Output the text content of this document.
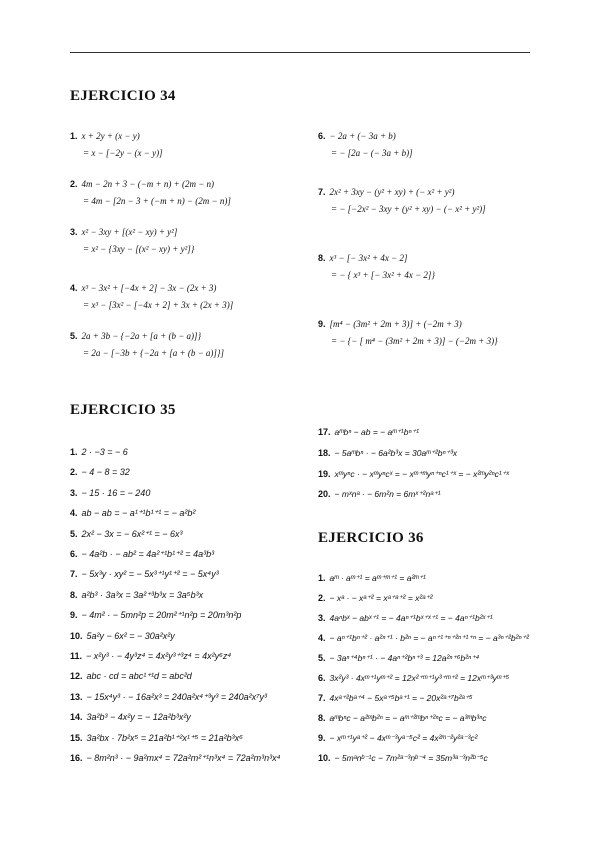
EJERCICIO 34
1. x + 2y + (x − y)
= x − [−2y − (x − y)]
2. 4m − 2n + 3 − (−m + n) + (2m − n)
= 4m − [2n − 3 + (−m + n) − (2m − n)]
3. x² − 3xy + [(x² − xy) + y²]
= x² − {3xy − [(x² − xy) + y²]}
4. x³ − 3x² + [−4x + 2] − 3x − (2x + 3)
= x³ − [3x² − [−4x + 2] + 3x + (2x + 3)]
5. 2a + 3b − {−2a + [a + (b − a)]}
= 2a − [−3b + {−2a + [a + (b − a)]}]
6. − 2a + (− 3a + b)
= − [2a − (− 3a + b)]
7. 2x² + 3xy − (y² + xy) + (− x² + y²)
= − [−2x² − 3xy + (y² + xy) − (− x² + y²)]
8. x³ − [− 3x² + 4x − 2]
= − { x³ + [− 3x² + 4x − 2]}
9. [m⁴ − (3m² + 2m + 3)] + (−2m + 3)
= − {− [ m⁴ − (3m² + 2m + 3)] − (−2m + 3)}
EJERCICIO 35
1. 2 · −3 = − 6
2. − 4 − 8 = 32
3. − 15 · 16 = − 240
4. ab − ab = − a¹⁺¹b¹⁺¹ = − a²b²
5. 2x² − 3x = − 6x²⁺¹ = − 6x³
6. − 4a²b · − ab² = 4a²⁺¹b¹⁺² = 4a³b³
7. − 5x³y · xy² = − 5x³⁺¹y¹⁺² = − 5x⁴y³
8. a²b³ · 3a³x = 3a²⁺³b³x = 3a⁵b³x
9. − 4m² · − 5mn²p = 20m²⁺¹n²p = 20m³n²p
10. 5a²y − 6x² = − 30a²x²y
11. − x²y³ · − 4y³z⁴ = 4x²y³⁺³z⁴ = 4x²y⁶z⁴
12. abc · cd = abc¹⁺¹d = abc²d
13. − 15x⁴y³ · − 16a²x³ = 240a²x⁴⁺³y³ = 240a²x⁷y³
14. 3a²b³ − 4x²y = − 12a²b³x²y
15. 3a²bx · 7b²x⁵ = 21a²b¹⁺²x¹⁺⁵ = 21a²b³x⁶
16. − 8m²n³ · − 9a²mx⁴ = 72a²m²⁺¹n³x⁴ = 72a²m³n³x⁴
17. aᵐbⁿ − ab = − aᵐ⁺¹bⁿ⁺¹
18. − 5aᵐbⁿ · − 6a²b³x = 30aᵐ⁺²bⁿ⁺³x
19. xᵐyⁿc · − xᵐyⁿcˣ = − xᵐ⁺ᵐyⁿ⁺ⁿc¹⁺ˣ = − x²ᵐy²ⁿc¹⁺ˣ
20. − mˣnᵃ · − 6m²n = 6mˣ⁺²nᵃ⁺¹
EJERCICIO 36
1. aᵐ · aᵐ⁺¹ = aᵐ⁺ᵐ⁺¹ = a²ᵐ⁺¹
2. − xᵃ · − xᵃ⁺² = xᵃ⁺ᵃ⁺² = x²ᵃ⁺²
3. 4aⁿbˣ − abˣ⁺¹ = − 4aⁿ⁺¹bˣ⁺ˣ⁺¹ = − 4aⁿ⁺¹b²ˣ⁺¹
4. − aⁿ⁺¹bⁿ⁺² · a²ⁿ⁺¹ · b²ⁿ = − aⁿ⁺¹⁺ⁿ⁺²ⁿ⁺¹⁺ⁿ = − a³ⁿ⁺²b²ⁿ⁺²
5. − 3aⁿ⁺⁴bⁿ⁺¹ · − 4aⁿ⁺²bⁿ⁺³ = 12a²ⁿ⁺⁶b²ⁿ⁺⁴
6. 3x²y³ · 4xᵐ⁺¹yᵐ⁺² = 12x²⁺ᵐ⁺¹y³⁺ᵐ⁺² = 12xᵐ⁺³yᵐ⁺⁵
7. 4xᵃ⁺²bᵃ⁺⁴ − 5xᵃ⁺⁵bᵃ⁺¹ = − 20x²ᵃ⁺⁷b²ᵃ⁺⁵
8. aᵐbⁿc − a²ᵐb²ⁿ = − aᵐ⁺²ᵐbⁿ⁺²ⁿc = − a³ᵐb³ⁿc
9. − xᵐ⁺¹yᵃ⁺² − 4xᵐ⁻³yᵃ⁻⁵c² = 4x²ᵐ⁻²y²ᵃ⁻³c²
10. − 5mᵃnᵇ⁻¹c − 7m²ᵃ⁻³nᵇ⁻⁴ = 35m³ᵃ⁻³n²ᵇ⁻⁵c
